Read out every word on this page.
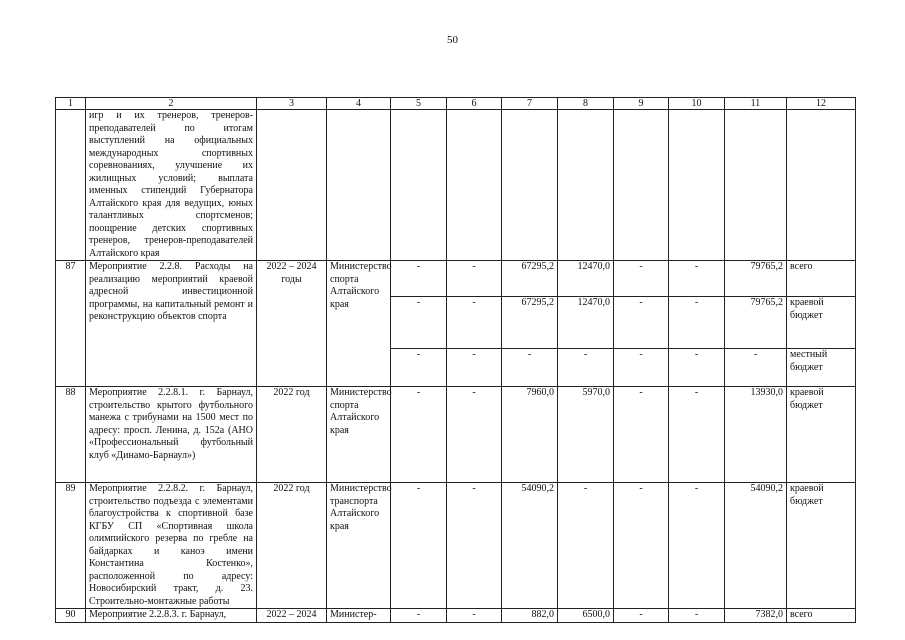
50
1	2	3	4	5	6	7	8	9	10	11	12
	игр и их тренеров, тренеров-преподавателей по итогам выступлений на официальных международных спортивных соревнованиях, улучшение их жилищных условий; выплата именных стипендий Губернатора Алтайского края для ведущих, юных талантливых спортсменов; поощрение детских спортивных тренеров, тренеров-преподавателей Алтайского края										
87	Мероприятие 2.2.8. Расходы на реализацию мероприятий краевой адресной инвестиционной программы, на капитальный ремонт и реконструкцию объектов спорта	2022 – 2024 годы	Министерство спорта Алтайского края	-	-	67295,2	12470,0	-	-	79765,2	всего
				-	-	67295,2	12470,0	-	-	79765,2	краевой бюджет
				-	-	-	-	-	-	-	местный бюджет
88	Мероприятие 2.2.8.1. г. Барнаул, строительство крытого футбольного манежа с трибунами на 1500 мест по адресу: просп. Ленина, д. 152а (АНО «Профессиональный футбольный клуб «Динамо-Барнаул»)	2022 год	Министерство спорта Алтайского края	-	-	7960,0	5970,0	-	-	13930,0	краевой бюджет
89	Мероприятие 2.2.8.2. г. Барнаул, строительство подъезда с элементами благоустройства к спортивной базе КГБУ СП «Спортивная школа олимпийского резерва по гребле на байдарках и каноэ имени Константина Костенко», расположенной по адресу: Новосибирский тракт, д. 23. Строительно-монтажные работы	2022 год	Министерство транспорта Алтайского края	-	-	54090,2	-	-	-	54090,2	краевой бюджет
90	Мероприятие 2.2.8.3. г. Барнаул,	2022 – 2024	Министер-	-	-	882,0	6500,0	-	-	7382,0	всего
